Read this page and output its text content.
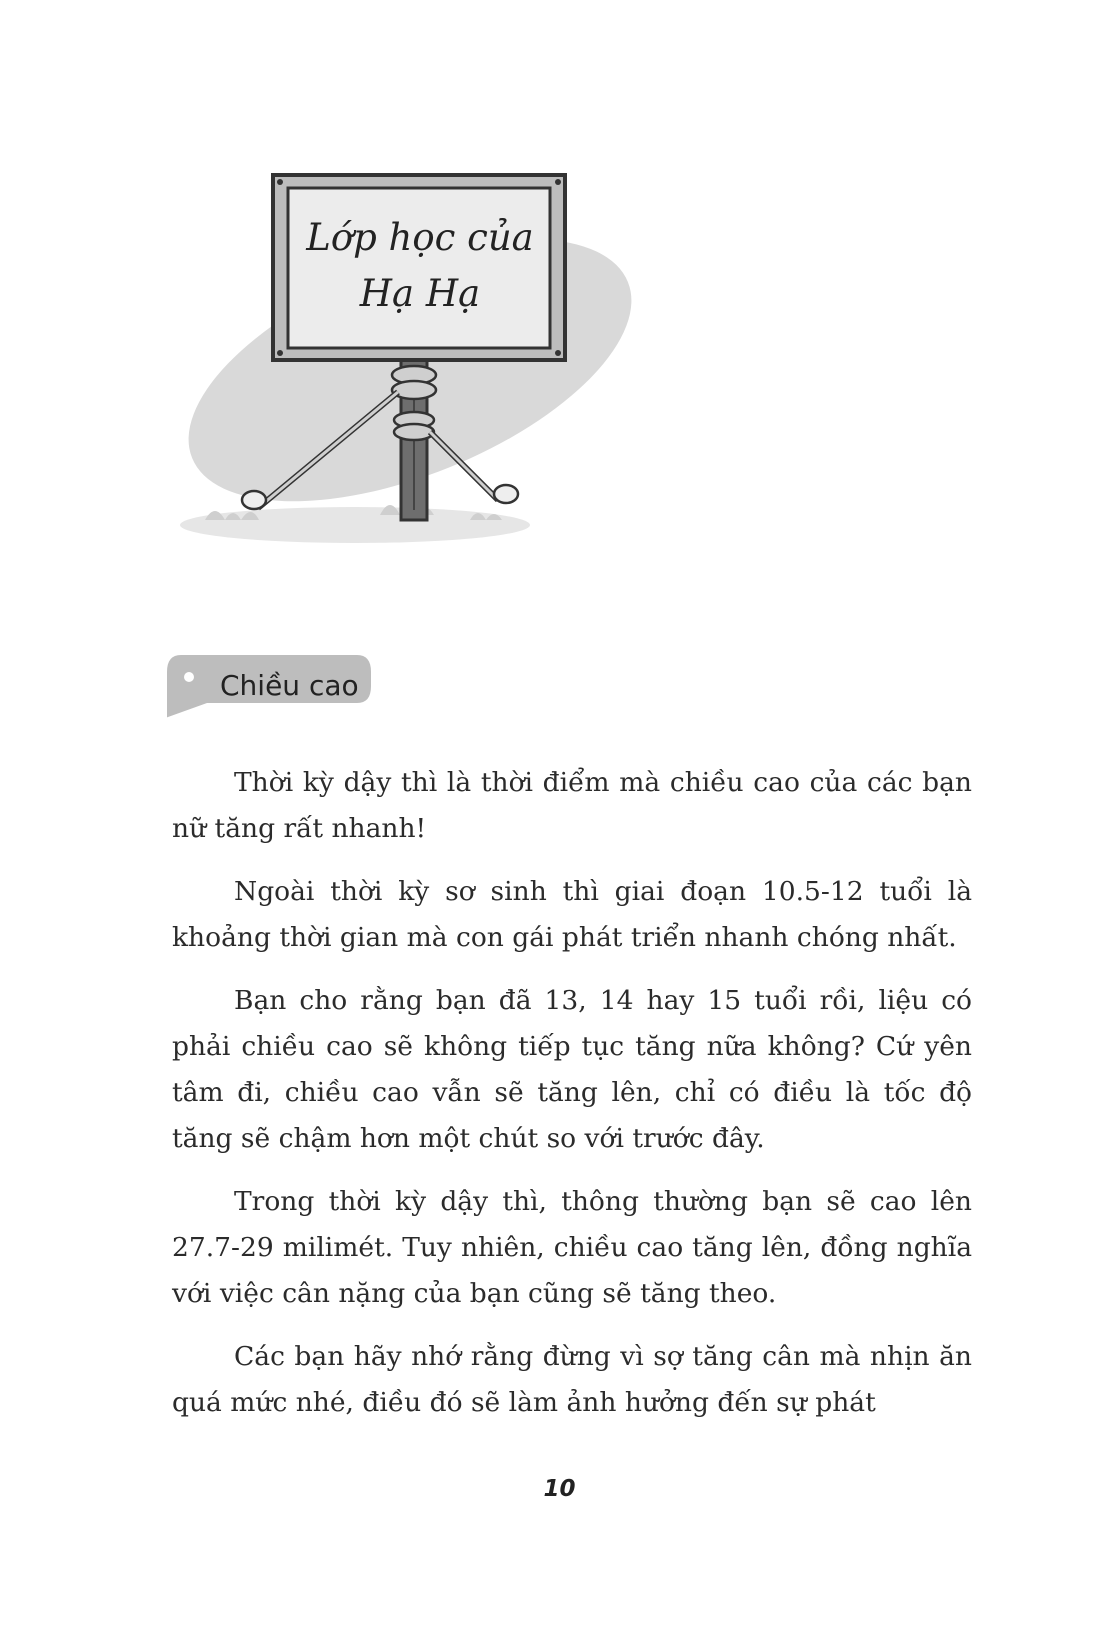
Lớp học của
Hạ Hạ
Chiều cao

Thời kỳ dậy thì là thời điểm mà chiều cao của các bạn nữ tăng rất nhanh!

Ngoài thời kỳ sơ sinh thì giai đoạn 10.5-12 tuổi là khoảng thời gian mà con gái phát triển nhanh chóng nhất.

Bạn cho rằng bạn đã 13, 14 hay 15 tuổi rồi, liệu có phải chiều cao sẽ không tiếp tục tăng nữa không? Cứ yên tâm đi, chiều cao vẫn sẽ tăng lên, chỉ có điều là tốc độ tăng sẽ chậm hơn một chút so với trước đây.

Trong thời kỳ dậy thì, thông thường bạn sẽ cao lên 27.7-29 milimét. Tuy nhiên, chiều cao tăng lên, đồng nghĩa với việc cân nặng của bạn cũng sẽ tăng theo.

Các bạn hãy nhớ rằng đừng vì sợ tăng cân mà nhịn ăn quá mức nhé, điều đó sẽ làm ảnh hưởng đến sự phát

10
